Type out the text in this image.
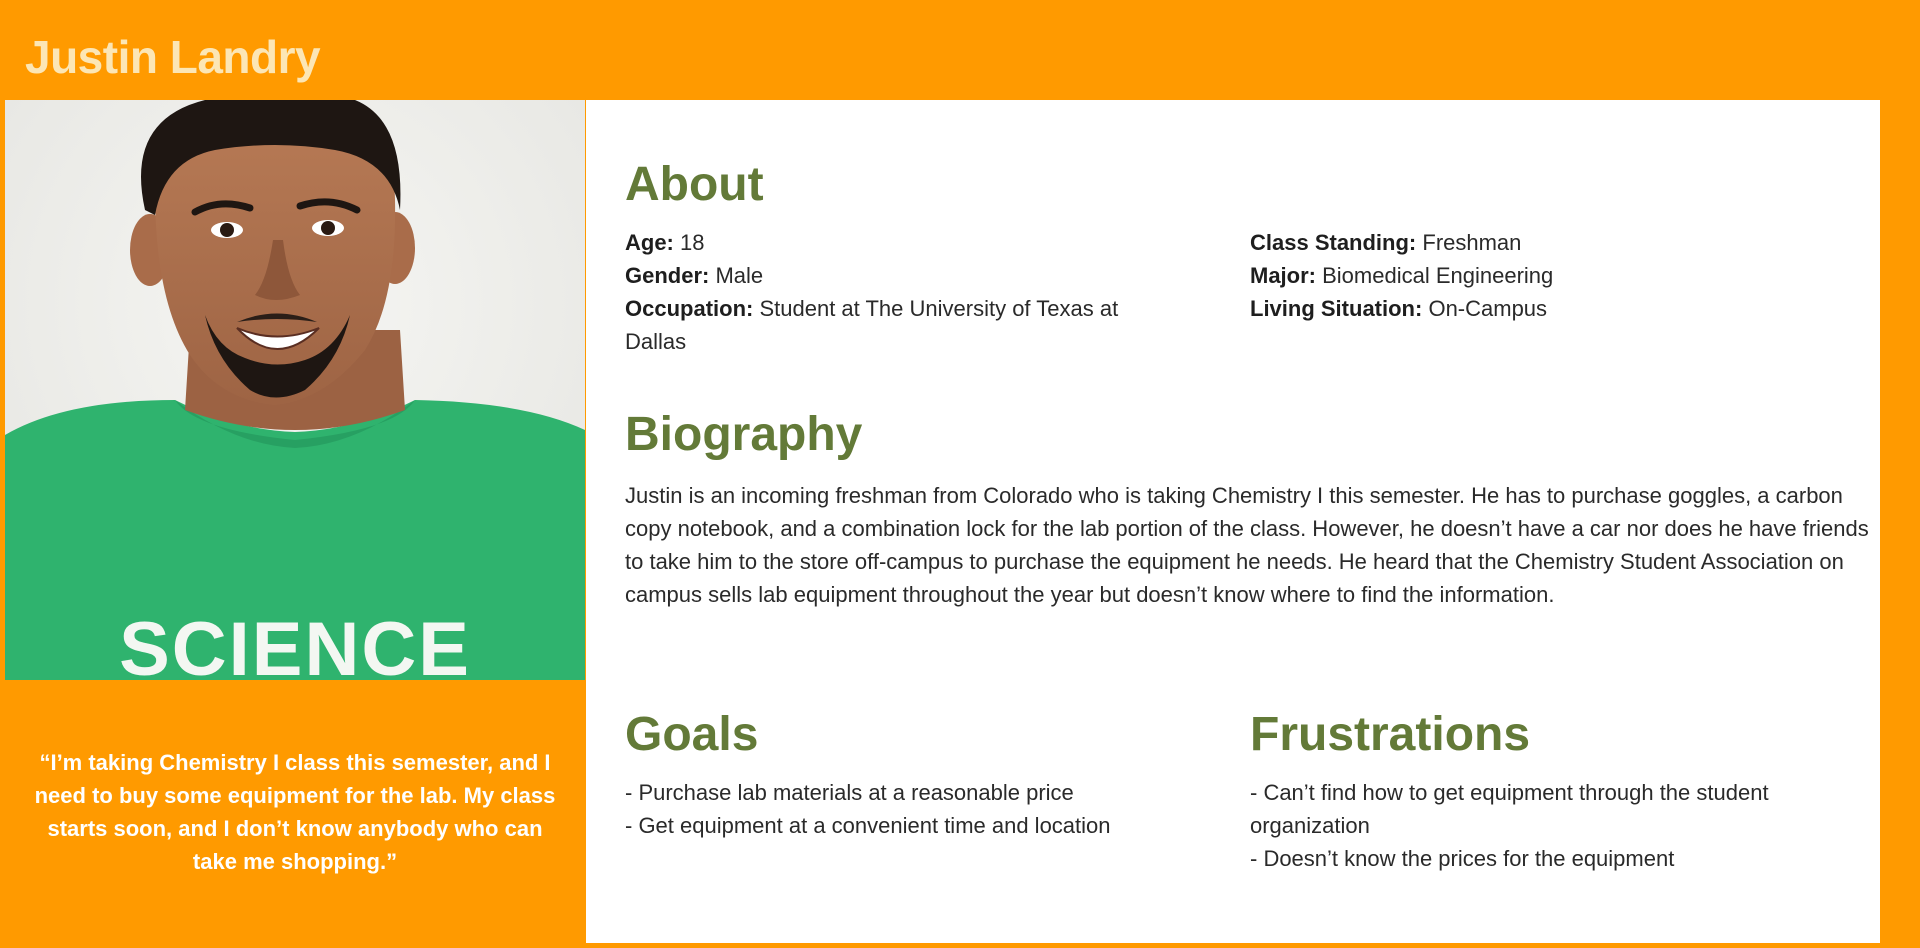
Justin Landry
SCIENCE

“I’m taking Chemistry I class this semester, and I need to buy some equipment for the lab. My class starts soon, and I don’t know anybody who can take me shopping.”

About
Age: 18
Gender: Male
Occupation: Student at The University of Texas at Dallas
Class Standing: Freshman
Major: Biomedical Engineering
Living Situation: On-Campus
Biography

Justin is an incoming freshman from Colorado who is taking Chemistry I this semester. He has to purchase goggles, a carbon copy notebook, and a combination lock for the lab portion of the class. However, he doesn’t have a car nor does he have friends to take him to the store off-campus to purchase the equipment he needs. He heard that the Chemistry Student Association on campus sells lab equipment throughout the year but doesn’t know where to find the information.

Goals
- Purchase lab materials at a reasonable price
- Get equipment at a convenient time and location
Frustrations
- Can’t find how to get equipment through the student organization
- Doesn’t know the prices for the equipment
